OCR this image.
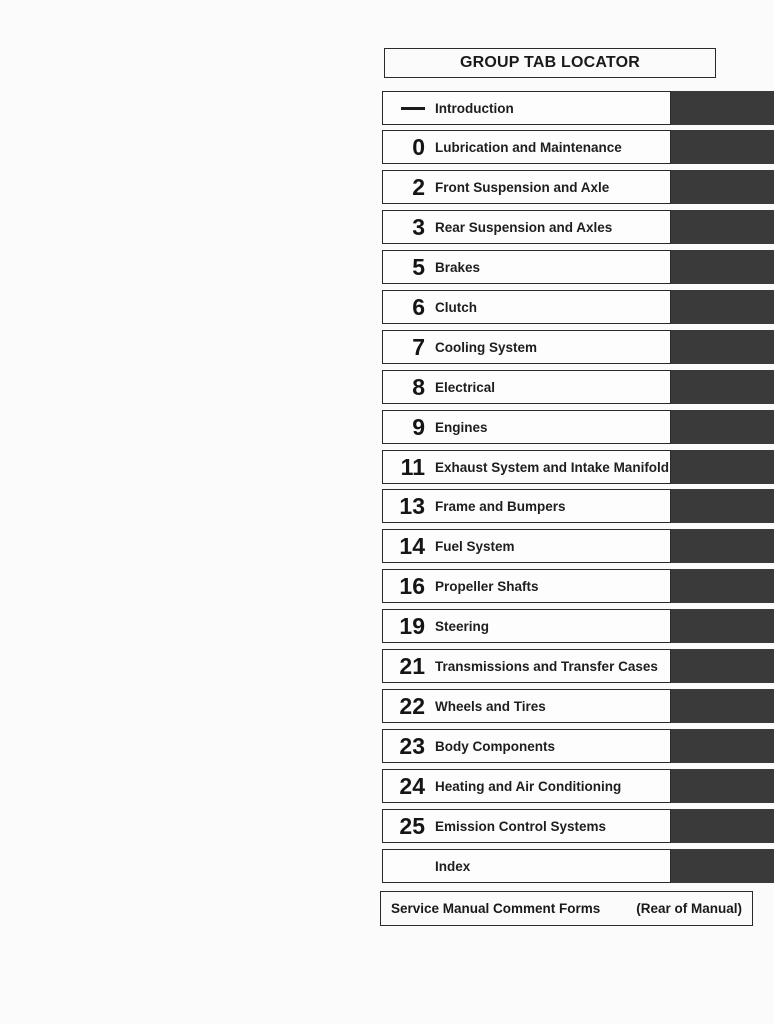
GROUP TAB LOCATOR
Introduction
0 Lubrication and Maintenance
2 Front Suspension and Axle
3 Rear Suspension and Axles
5 Brakes
6 Clutch
7 Cooling System
8 Electrical
9 Engines
11 Exhaust System and Intake Manifold
13 Frame and Bumpers
14 Fuel System
16 Propeller Shafts
19 Steering
21 Transmissions and Transfer Cases
22 Wheels and Tires
23 Body Components
24 Heating and Air Conditioning
25 Emission Control Systems
Index
Service Manual Comment Forms	(Rear of Manual)
